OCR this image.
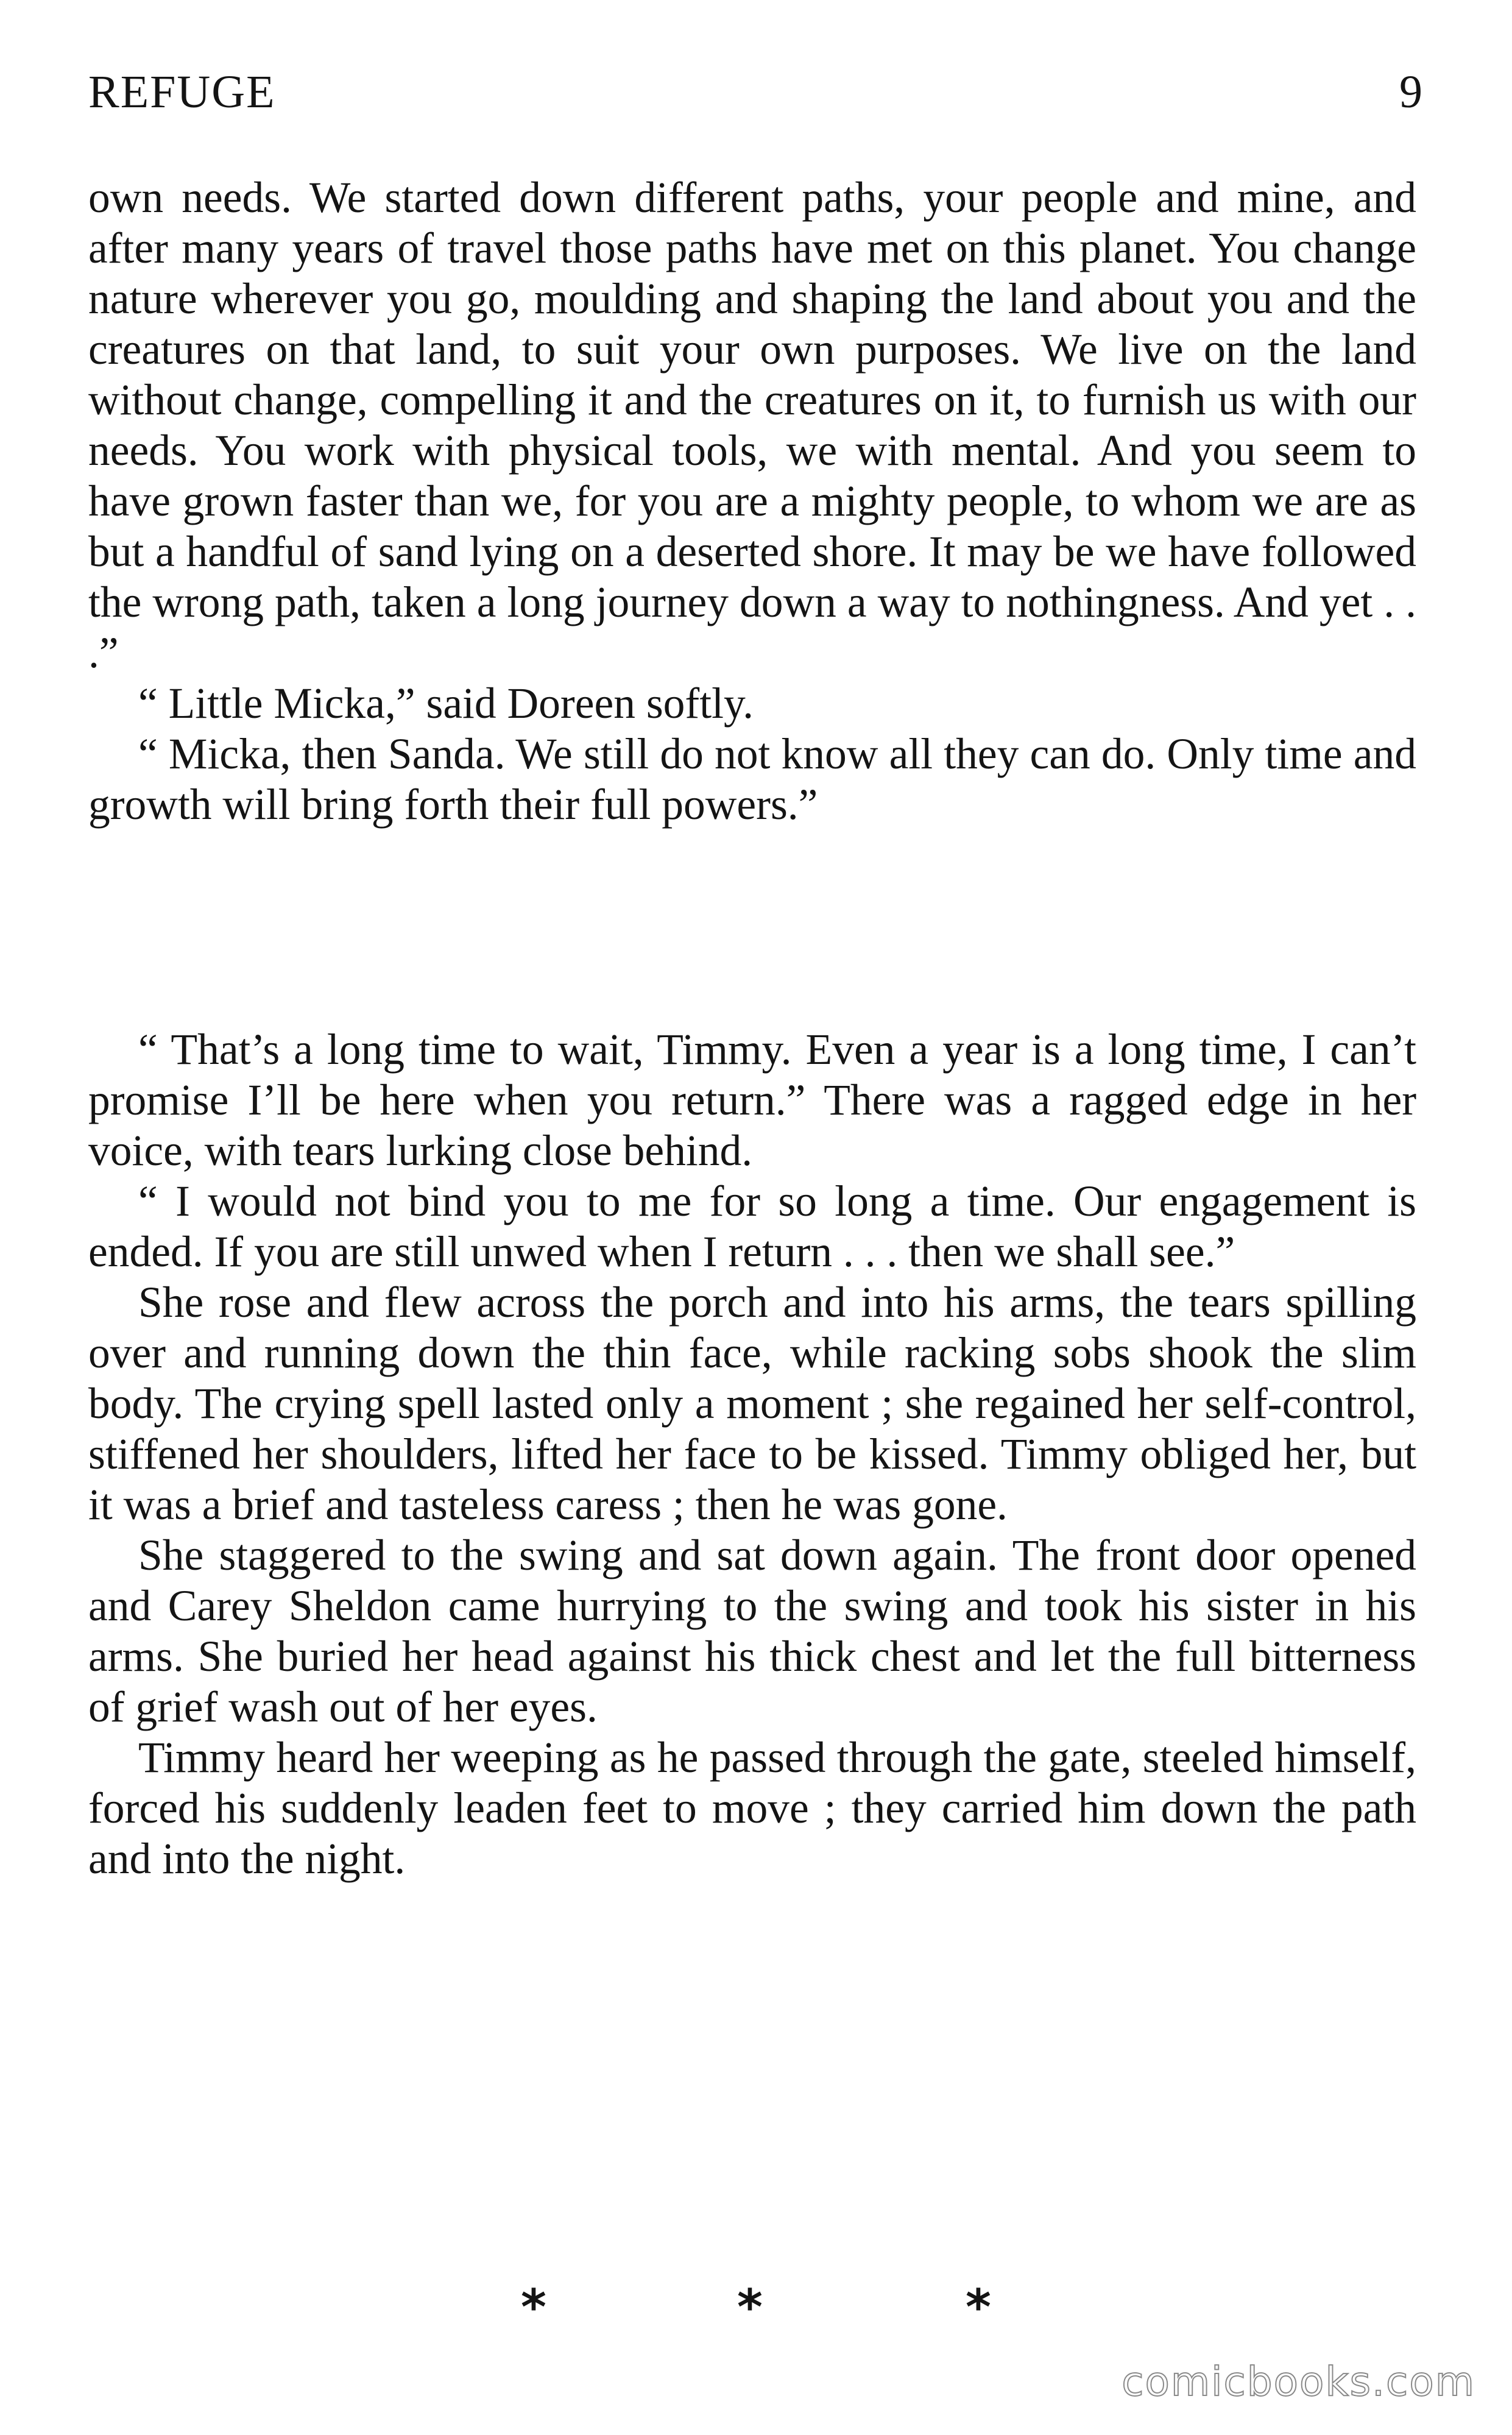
REFUGE	9

own needs. We started down different paths, your people and mine, and after many years of travel those paths have met on this planet. You change nature wherever you go, moulding and shaping the land about you and the creatures on that land, to suit your own purposes. We live on the land without change, compelling it and the creatures on it, to furnish us with our needs. You work with physical tools, we with mental. And you seem to have grown faster than we, for you are a mighty people, to whom we are as but a handful of sand lying on a deserted shore. It may be we have followed the wrong path, taken a long journey down a way to nothingness. And yet . . .”

“ Little Micka,” said Doreen softly.

“ Micka, then Sanda. We still do not know all they can do. Only time and growth will bring forth their full powers.”

“ That’s a long time to wait, Timmy. Even a year is a long time, I can’t promise I’ll be here when you return.” There was a ragged edge in her voice, with tears lurking close behind.

“ I would not bind you to me for so long a time. Our engagement is ended. If you are still unwed when I return . . . then we shall see.”

She rose and flew across the porch and into his arms, the tears spilling over and running down the thin face, while racking sobs shook the slim body. The crying spell lasted only a moment ; she regained her self-control, stiffened her shoulders, lifted her face to be kissed. Timmy obliged her, but it was a brief and tasteless caress ; then he was gone.

She staggered to the swing and sat down again. The front door opened and Carey Sheldon came hurrying to the swing and took his sister in his arms. She buried her head against his thick chest and let the full bitterness of grief wash out of her eyes.

Timmy heard her weeping as he passed through the gate, steeled himself, forced his suddenly leaden feet to move ; they carried him down the path and into the night.

*	*	*
comicbooks.com
